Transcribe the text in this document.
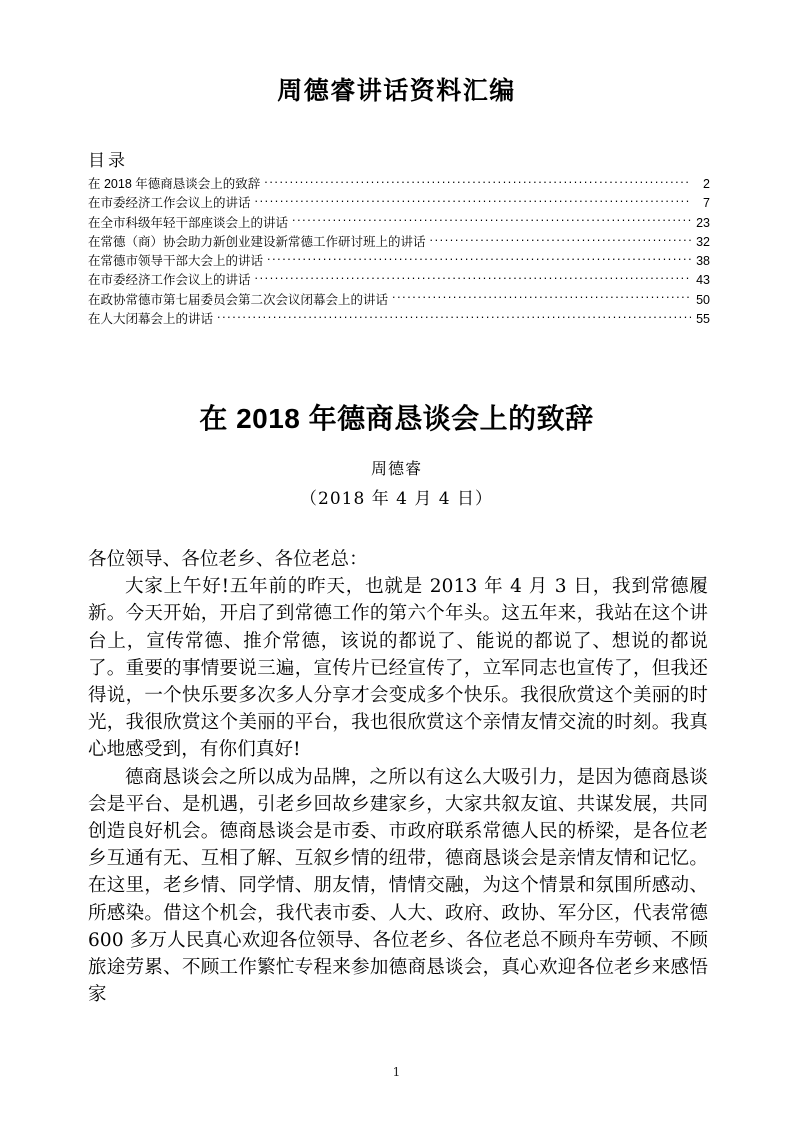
周德睿讲话资料汇编
目录
在 2018 年德商恳谈会上的致辞 .....	2
在市委经济工作会议上的讲话 .....	7
在全市科级年轻干部座谈会上的讲话 .....	23
在常德（商）协会助力新创业建设新常德工作研讨班上的讲话 .....	32
在常德市领导干部大会上的讲话 .....	38
在市委经济工作会议上的讲话 .....	43
在政协常德市第七届委员会第二次会议闭幕会上的讲话 .....	50
在人大闭幕会上的讲话 .....	55
在 2018 年德商恳谈会上的致辞
周德睿
（2018 年 4 月 4 日）

各位领导、各位老乡、各位老总：

大家上午好!五年前的昨天，也就是 2013 年 4 月 3 日，我到常德履新。今天开始，开启了到常德工作的第六个年头。这五年来，我站在这个讲台上，宣传常德、推介常德，该说的都说了、能说的都说了、想说的都说了。重要的事情要说三遍，宣传片已经宣传了，立军同志也宣传了，但我还得说，一个快乐要多次多人分享才会变成多个快乐。我很欣赏这个美丽的时光，我很欣赏这个美丽的平台，我也很欣赏这个亲情友情交流的时刻。我真心地感受到，有你们真好!

德商恳谈会之所以成为品牌，之所以有这么大吸引力，是因为德商恳谈会是平台、是机遇，引老乡回故乡建家乡，大家共叙友谊、共谋发展，共同创造良好机会。德商恳谈会是市委、市政府联系常德人民的桥梁，是各位老乡互通有无、互相了解、互叙乡情的纽带，德商恳谈会是亲情友情和记忆。在这里，老乡情、同学情、朋友情，情情交融，为这个情景和氛围所感动、所感染。借这个机会，我代表市委、人大、政府、政协、军分区，代表常德 600 多万人民真心欢迎各位领导、各位老乡、各位老总不顾舟车劳顿、不顾旅途劳累、不顾工作繁忙专程来参加德商恳谈会，真心欢迎各位老乡来感悟家

1
